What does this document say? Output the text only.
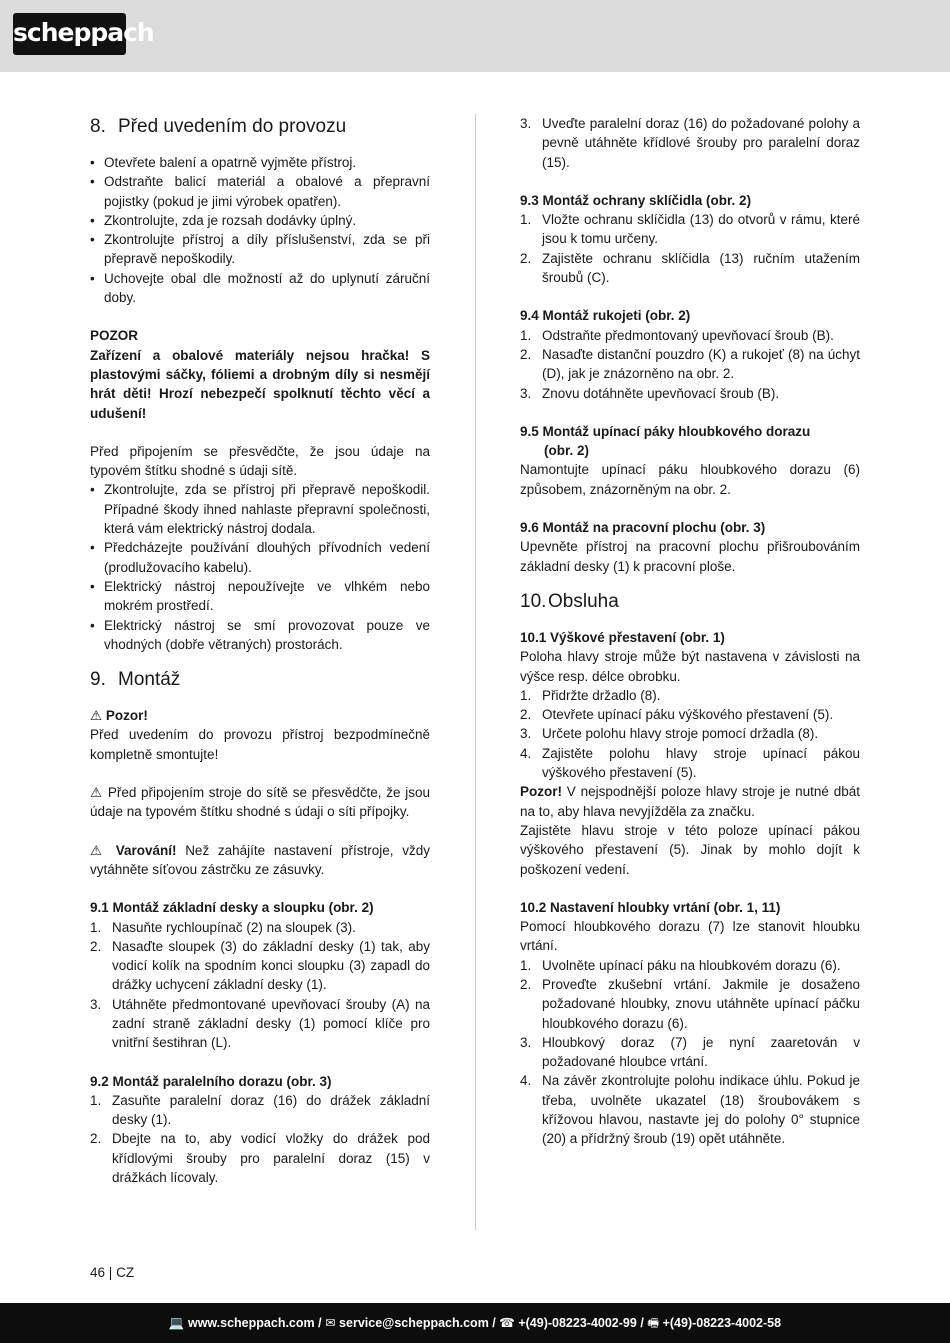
scheppach
8. Před uvedením do provozu
• Otevřete balení a opatrně vyjměte přístroj.
• Odstraňte balicí materiál a obalové a přepravní pojistky (pokud je jimi výrobek opatřen).
• Zkontrolujte, zda je rozsah dodávky úplný.
• Zkontrolujte přístroj a díly příslušenství, zda se při přepravě nepoškodily.
• Uchovejte obal dle možností až do uplynutí záruční doby.

POZOR

Zařízení a obalové materiály nejsou hračka! S plastovými sáčky, fóliemi a drobným díly si nesmějí hrát děti! Hrozí nebezpečí spolknutí těchto věcí a udušení!

Před připojením se přesvědčte, že jsou údaje na typovém štítku shodné s údaji sítě.

• Zkontrolujte, zda se přístroj při přepravě nepoškodil. Případné škody ihned nahlaste přepravní společnosti, která vám elektrický nástroj dodala.
• Předcházejte používání dlouhých přívodních vedení (prodlužovacího kabelu).
• Elektrický nástroj nepoužívejte ve vlhkém nebo mokrém prostředí.
• Elektrický nástroj se smí provozovat pouze ve vhodných (dobře větraných) prostorách.
9. Montáž

⚠ Pozor!

Před uvedením do provozu přístroj bezpodmínečně kompletně smontujte!

⚠ Před připojením stroje do sítě se přesvědčte, že jsou údaje na typovém štítku shodné s údaji o síti přípojky.

⚠ Varování! Než zahájíte nastavení přístroje, vždy vytáhněte síťovou zástrčku ze zásuvky.

9.1 Montáž základní desky a sloupku (obr. 2)
1. Nasuňte rychloupínač (2) na sloupek (3).
2. Nasaďte sloupek (3) do základní desky (1) tak, aby vodicí kolík na spodním konci sloupku (3) zapadl do drážky uchycení základní desky (1).
3. Utáhněte předmontované upevňovací šrouby (A) na zadní straně základní desky (1) pomocí klíče pro vnitřní šestihran (L).
9.2 Montáž paralelního dorazu (obr. 3)
1. Zasuňte paralelní doraz (16) do drážek základní desky (1).
2. Dbejte na to, aby vodicí vložky do drážek pod křídlovými šrouby pro paralelní doraz (15) v drážkách lícovaly.
3. Uveďte paralelní doraz (16) do požadované polohy a pevně utáhněte křídlové šrouby pro paralelní doraz (15).
9.3 Montáž ochrany sklíčidla (obr. 2)
1. Vložte ochranu sklíčidla (13) do otvorů v rámu, které jsou k tomu určeny.
2. Zajistěte ochranu sklíčidla (13) ručním utažením šroubů (C).
9.4 Montáž rukojeti (obr. 2)
1. Odstraňte předmontovaný upevňovací šroub (B).
2. Nasaďte distanční pouzdro (K) a rukojeť (8) na úchyt (D), jak je znázorněno na obr. 2.
3. Znovu dotáhněte upevňovací šroub (B).
9.5 Montáž upínací páky hloubkového dorazu
(obr. 2)

Namontujte upínací páku hloubkového dorazu (6) způsobem, znázorněným na obr. 2.

9.6 Montáž na pracovní plochu (obr. 3)

Upevněte přístroj na pracovní plochu přišroubováním základní desky (1) k pracovní ploše.

10.Obsluha
10.1 Výškové přestavení (obr. 1)

Poloha hlavy stroje může být nastavena v závislosti na výšce resp. délce obrobku.

1. Přidržte držadlo (8).
2. Otevřete upínací páku výškového přestavení (5).
3. Určete polohu hlavy stroje pomocí držadla (8).
4. Zajistěte polohu hlavy stroje upínací pákou výškového přestavení (5).

Pozor! V nejspodnější poloze hlavy stroje je nutné dbát na to, aby hlava nevyjížděla za značku.

Zajistěte hlavu stroje v této poloze upínací pákou výškového přestavení (5). Jinak by mohlo dojít k poškození vedení.

10.2 Nastavení hloubky vrtání (obr. 1, 11)

Pomocí hloubkového dorazu (7) lze stanovit hloubku vrtání.

1. Uvolněte upínací páku na hloubkovém dorazu (6).
2. Proveďte zkušební vrtání. Jakmile je dosaženo požadované hloubky, znovu utáhněte upínací páčku hloubkového dorazu (6).
3. Hloubkový doraz (7) je nyní zaaretován v požadované hloubce vrtání.
4. Na závěr zkontrolujte polohu indikace úhlu. Pokud je třeba, uvolněte ukazatel (18) šroubovákem s křížovou hlavou, nastavte jej do polohy 0° stupnice (20) a přídržný šroub (19) opět utáhněte.
46 | CZ
💻 www.scheppach.com / ✉ service@scheppach.com / ☎ +(49)-08223-4002-99 / 🖷 +(49)-08223-4002-58
